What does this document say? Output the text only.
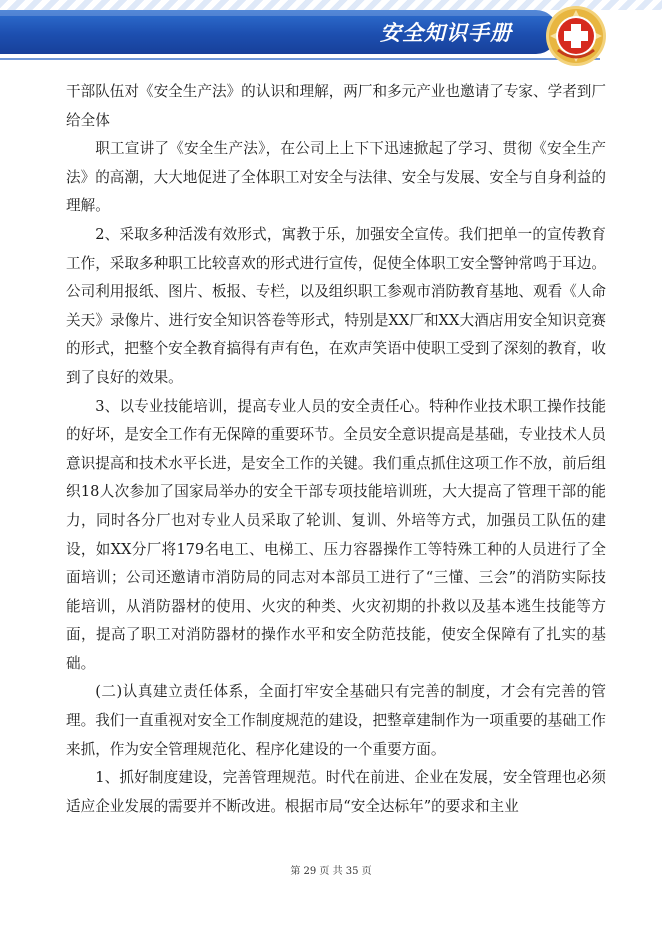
安全知识手册

干部队伍对《安全生产法》的认识和理解，两厂和多元产业也邀请了专家、学者到厂给全体

职工宣讲了《安全生产法》，在公司上上下下迅速掀起了学习、贯彻《安全生产法》的高潮，大大地促进了全体职工对安全与法律、安全与发展、安全与自身利益的理解。

2、采取多种活泼有效形式，寓教于乐，加强安全宣传。我们把单一的宣传教育工作，采取多种职工比较喜欢的形式进行宣传，促使全体职工安全警钟常鸣于耳边。公司利用报纸、图片、板报、专栏，以及组织职工参观市消防教育基地、观看《人命关天》录像片、进行安全知识答卷等形式，特别是XX厂和XX大酒店用安全知识竞赛的形式，把整个安全教育搞得有声有色，在欢声笑语中使职工受到了深刻的教育，收到了良好的效果。

3、以专业技能培训，提高专业人员的安全责任心。特种作业技术职工操作技能的好坏，是安全工作有无保障的重要环节。全员安全意识提高是基础，专业技术人员意识提高和技术水平长进，是安全工作的关键。我们重点抓住这项工作不放，前后组织18人次参加了国家局举办的安全干部专项技能培训班，大大提高了管理干部的能力，同时各分厂也对专业人员采取了轮训、复训、外培等方式，加强员工队伍的建设，如XX分厂将179名电工、电梯工、压力容器操作工等特殊工种的人员进行了全面培训；公司还邀请市消防局的同志对本部员工进行了“三懂、三会”的消防实际技能培训，从消防器材的使用、火灾的种类、火灾初期的扑救以及基本逃生技能等方面，提高了职工对消防器材的操作水平和安全防范技能，使安全保障有了扎实的基础。

(二)认真建立责任体系，全面打牢安全基础只有完善的制度，才会有完善的管理。我们一直重视对安全工作制度规范的建设，把整章建制作为一项重要的基础工作来抓，作为安全管理规范化、程序化建设的一个重要方面。

1、抓好制度建设，完善管理规范。时代在前进、企业在发展，安全管理也必须适应企业发展的需要并不断改进。根据市局“安全达标年”的要求和主业

第 29 页 共 35 页
